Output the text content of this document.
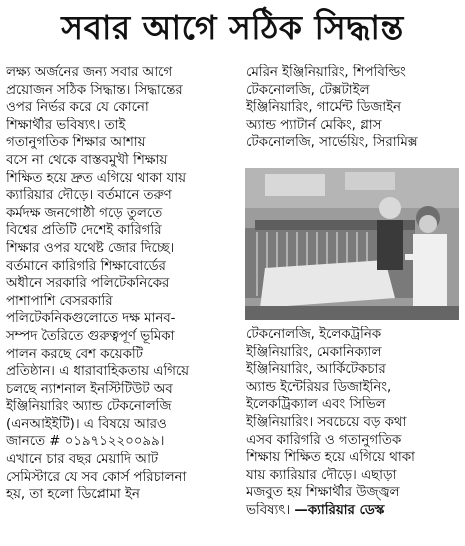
সবার আগে সঠিক সিদ্ধান্ত
লক্ষ্য অর্জনের জন্য সবার আগে
প্রয়োজন সঠিক সিদ্ধান্ত। সিদ্ধান্তের
ওপর নির্ভর করে যে কোনো
শিক্ষার্থীর ভবিষ্যৎ। তাই
গতানুগতিক শিক্ষার আশায়
বসে না থেকে বাস্তবমুখী শিক্ষায়
শিক্ষিত হয়ে দ্রুত এগিয়ে থাকা যায়
ক্যারিয়ার দৌড়ে। বর্তমানে তরুণ
কর্মদক্ষ জনগোষ্ঠী গড়ে তুলতে
বিশ্বের প্রতিটি দেশেই কারিগরি
শিক্ষার ওপর যথেষ্ট জোর দিচ্ছে।
বর্তমানে কারিগরি শিক্ষাবোর্ডের
অধীনে সরকারি পলিটেকনিকের
পাশাপাশি বেসরকারি
পলিটেকনিকগুলোতে দক্ষ মানব-
সম্পদ তৈরিতে গুরুত্বপূর্ণ ভূমিকা
পালন করছে বেশ কয়েকটি
প্রতিষ্ঠান। এ ধারাবাহিকতায় এগিয়ে
চলছে ন্যাশনাল ইনস্টিটিউট অব
ইঞ্জিনিয়ারিং অ্যান্ড টেকনোলজি
(এনআইইটি)। এ বিষয়ে আরও
জানতে # ০১৯৭১২২০০৯৯।
এখানে চার বছর মেয়াদি আট
সেমিস্টারে যে সব কোর্স পরিচালনা
হয়, তা হলো ডিপ্লোমা ইন
মেরিন ইঞ্জিনিয়ারিং, শিপবিল্ডিং
টেকনোলজি, টেক্সটাইল
ইঞ্জিনিয়ারিং, গার্মেন্ট ডিজাইন
অ্যান্ড প্যাটার্ন মেকিং, গ্লাস
টেকনোলজি, সার্ভেয়িং, সিরামিক্স
টেকনোলজি, ইলেকট্রনিক
ইঞ্জিনিয়ারিং, মেকানিক্যাল
ইঞ্জিনিয়ারিং, আর্কিটেকচার
অ্যান্ড ইন্টেরিয়র ডিজাইনিং,
ইলেকট্রিক্যাল এবং সিভিল
ইঞ্জিনিয়ারিং। সবচেয়ে বড় কথা
এসব কারিগরি ও গতানুগতিক
শিক্ষায় শিক্ষিত হয়ে এগিয়ে থাকা
যায় ক্যারিয়ার দৌড়ে। এছাড়া
মজবুত হয় শিক্ষার্থীর উজ্জ্বল
ভবিষ্যৎ। —ক্যারিয়ার ডেস্ক
